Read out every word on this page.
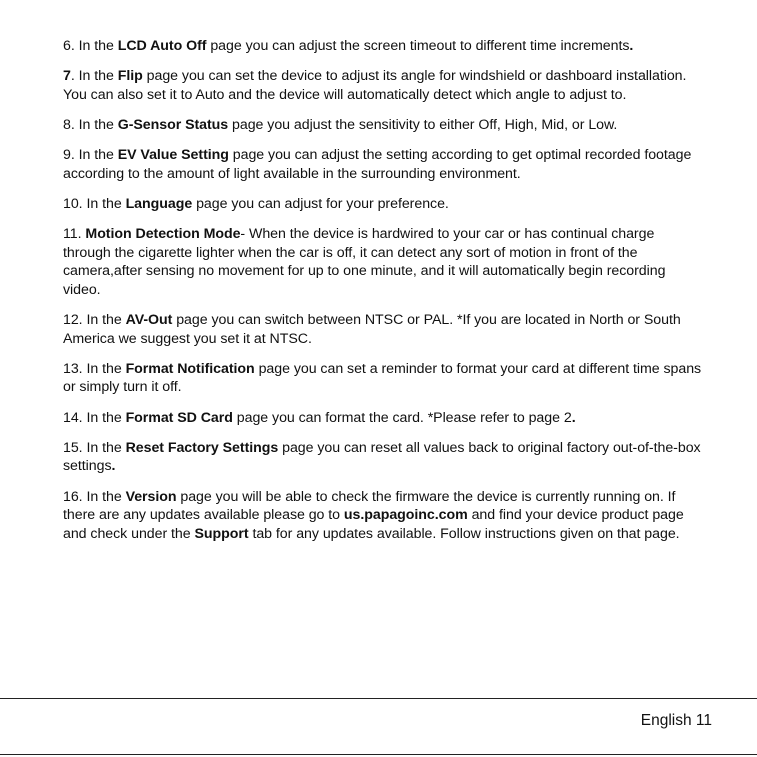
6. In the LCD Auto Off page you can adjust the screen timeout to different time increments.

7. In the Flip page you can set the device to adjust its angle for windshield or dashboard installation. You can also set it to Auto and the device will automatically detect which angle to adjust to.

8. In the G-Sensor Status page you adjust the sensitivity to either Off, High, Mid, or Low.

9. In the EV Value Setting page you can adjust the setting according to get optimal recorded footage according to the amount of light available in the surrounding environment.

10. In the Language page you can adjust for your preference.

11. Motion Detection Mode- When the device is hardwired to your car or has continual charge through the cigarette lighter when the car is off, it can detect any sort of motion in front of the camera,after sensing no movement for up to one minute, and it will automatically begin recording video.

12. In the AV-Out page you can switch between NTSC or PAL. *If you are located in North or South America we suggest you set it at NTSC.

13. In the Format Notification page you can set a reminder to format your card at different time spans or simply turn it off.

14. In the Format SD Card page you can format the card. *Please refer to page 2.

15. In the Reset Factory Settings page you can reset all values back to original factory out-of-the-box settings.

16. In the Version page you will be able to check the firmware the device is currently running on. If there are any updates available please go to us.papagoinc.com and find your device product page and check under the Support tab for any updates available. Follow instructions given on that page.

English 11
